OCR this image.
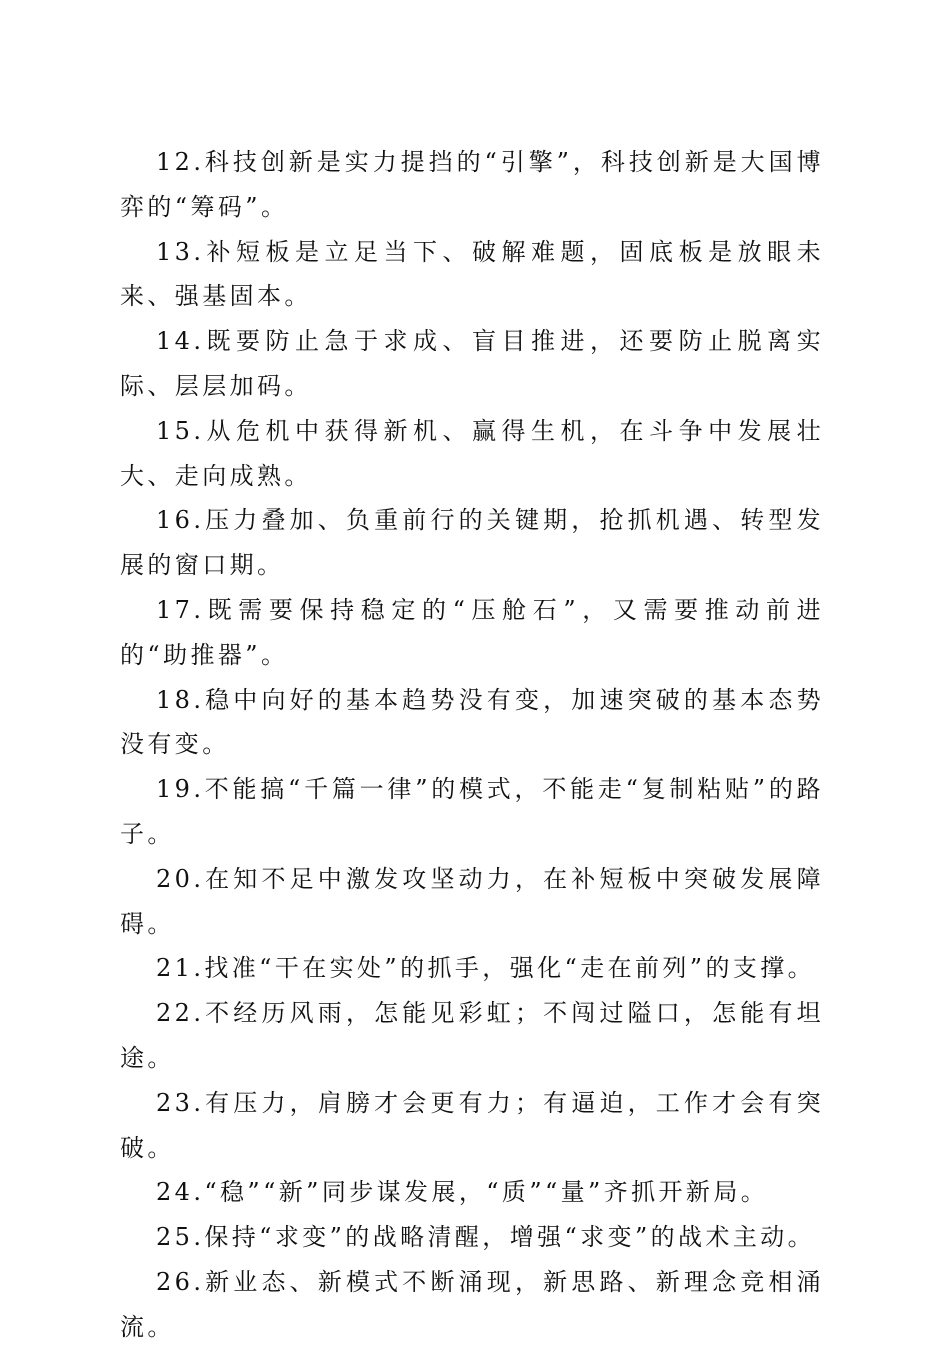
12.科技创新是实力提挡的“引擎”，科技创新是大国博弈的“筹码”。

13.补短板是立足当下、破解难题，固底板是放眼未来、强基固本。

14.既要防止急于求成、盲目推进，还要防止脱离实际、层层加码。

15.从危机中获得新机、赢得生机，在斗争中发展壮大、走向成熟。

16.压力叠加、负重前行的关键期，抢抓机遇、转型发展的窗口期。

17.既需要保持稳定的“压舱石”，又需要推动前进的“助推器”。

18.稳中向好的基本趋势没有变，加速突破的基本态势没有变。

19.不能搞“千篇一律”的模式，不能走“复制粘贴”的路子。

20.在知不足中激发攻坚动力，在补短板中突破发展障碍。

21.找准“干在实处”的抓手，强化“走在前列”的支撑。

22.不经历风雨，怎能见彩虹；不闯过隘口，怎能有坦途。

23.有压力，肩膀才会更有力；有逼迫，工作才会有突破。

24.“稳”“新”同步谋发展，“质”“量”齐抓开新局。

25.保持“求变”的战略清醒，增强“求变”的战术主动。

26.新业态、新模式不断涌现，新思路、新理念竞相涌流。
